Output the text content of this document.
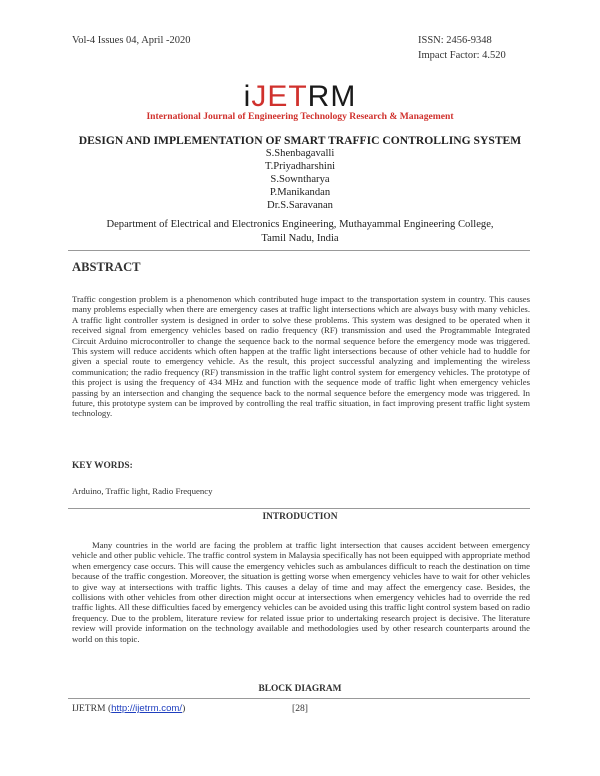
Vol-4 Issues 04, April -2020	ISSN: 2456-9348
Impact Factor: 4.520
iJETRM
International Journal of Engineering Technology Research & Management
DESIGN AND IMPLEMENTATION OF SMART TRAFFIC CONTROLLING SYSTEM
S.Shenbagavalli
T.Priyadharshini
S.Sowntharya
P.Manikandan
Dr.S.Saravanan
Department of Electrical and Electronics Engineering, Muthayammal Engineering College,
Tamil Nadu, India
ABSTRACT
Traffic congestion problem is a phenomenon which contributed huge impact to the transportation system in country. This causes many problems especially when there are emergency cases at traffic light intersections which are always busy with many vehicles. A traffic light controller system is designed in order to solve these problems. This system was designed to be operated when it received signal from emergency vehicles based on radio frequency (RF) transmission and used the Programmable Integrated Circuit Arduino microcontroller to change the sequence back to the normal sequence before the emergency mode was triggered. This system will reduce accidents which often happen at the traffic light intersections because of other vehicle had to huddle for given a special route to emergency vehicle. As the result, this project successful analyzing and implementing the wireless communication; the radio frequency (RF) transmission in the traffic light control system for emergency vehicles. The prototype of this project is using the frequency of 434 MHz and function with the sequence mode of traffic light when emergency vehicles passing by an intersection and changing the sequence back to the normal sequence before the emergency mode was triggered. In future, this prototype system can be improved by controlling the real traffic situation, in fact improving present traffic light system technology.
KEY WORDS:
Arduino, Traffic light, Radio Frequency
INTRODUCTION
Many countries in the world are facing the problem at traffic light intersection that causes accident between emergency vehicle and other public vehicle. The traffic control system in Malaysia specifically has not been equipped with appropriate method when emergency case occurs. This will cause the emergency vehicles such as ambulances difficult to reach the destination on time because of the traffic congestion. Moreover, the situation is getting worse when emergency vehicles have to wait for other vehicles to give way at intersections with traffic lights. This causes a delay of time and may affect the emergency case. Besides, the collisions with other vehicles from other direction might occur at intersections when emergency vehicles had to override the red traffic lights. All these difficulties faced by emergency vehicles can be avoided using this traffic light control system based on radio frequency. Due to the problem, literature review for related issue prior to undertaking research project is decisive. The literature review will provide information on the technology available and methodologies used by other research counterparts around the world on this topic.
BLOCK DIAGRAM
IJETRM (http://ijetrm.com/)	[28]
